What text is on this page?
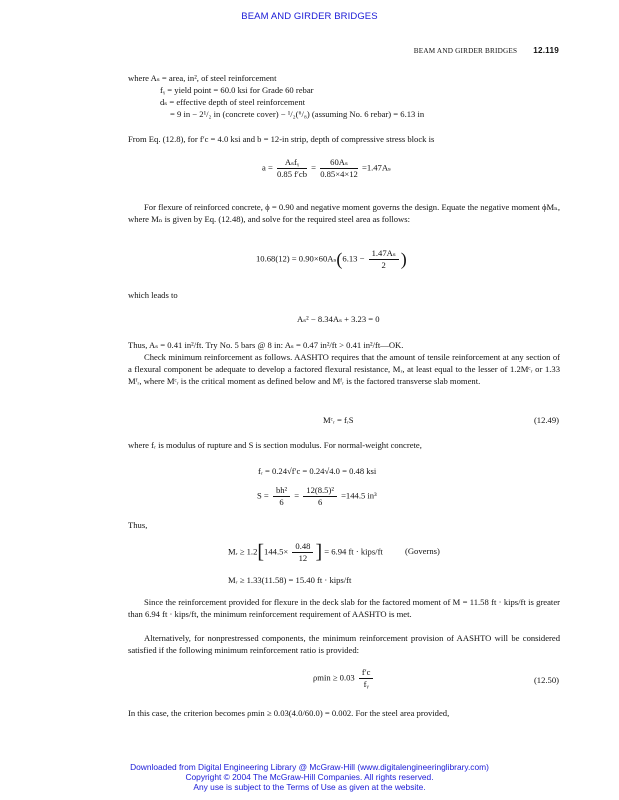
BEAM AND GIRDER BRIDGES
BEAM AND GIRDER BRIDGES 12.119
where Aₛ = area, in², of steel reinforcement
fᵧ = yield point = 60.0 ksi for Grade 60 rebar
dₛ = effective depth of steel reinforcement
= 9 in − 2¹/₂ in (concrete cover) − ¹/₂(⁶/₈) (assuming No. 6 rebar) = 6.13 in
From Eq. (12.8), for f′c = 4.0 ksi and b = 12-in strip, depth of compressive stress block is
$a = \frac{\text{Aₛfᵧ}}{0.85 f'cb} = \frac{\text{60Aₛ}}{0.85\times 4\times 12} =1.47A_s$
For flexure of reinforced concrete, ϕ = 0.90 and negative moment governs the design. Equate the negative moment ϕMₙ, where Mₙ is given by Eq. (12.48), and solve for the required steel area as follows:
$10.68(12) = 0.90\times 60A_s(6.13 - \frac{\text{1.47Aₛ}}{2}$ )
which leads to
Aₛ² − 8.34Aₛ + 3.23 = 0
Thus, Aₛ = 0.41 in²/ft. Try No. 5 bars @ 8 in: Aₛ = 0.47 in²/ft > 0.41 in²/ft—OK.
Check minimum reinforcement as follows. AASHTO requires that the amount of tensile reinforcement at any section of a flexural component be adequate to develop a factored flexural resistance, Mᵣ, at least equal to the lesser of 1.2Mᶜᵣ or 1.33 Mᶠᵣ, where Mᶜᵣ is the critical moment as defined below and Mᶠᵣ is the factored transverse slab moment.
Mᶜᵣ = fᵣS	(12.49)
where fᵣ is modulus of rupture and S is section modulus. For normal-weight concrete,
fᵣ = 0.24√f′c = 0.24√4.0 = 0.48 ksi
$S = \frac{\text{bh²}}{6} = \frac{\text{12(8.5)²}}{6} =144.5$ in³
Thus,
Mᵣ ≥ $1.2[144.5\times \frac{0.48}{12}$ ] = 6.94 ft · kips/ft	(Governs)
Mᵣ ≥ 1.33(11.58) = 15.40 ft · kips/ft
Since the reinforcement provided for flexure in the deck slab for the factored moment of M = 11.58 ft · kips/ft is greater than 6.94 ft · kips/ft, the minimum reinforcement requirement of AASHTO is met.
Alternatively, for nonprestressed components, the minimum reinforcement provision of AASHTO will be considered satisfied if the following minimum reinforcement ratio is provided:
$\rho\min \ge 0.03 \frac{f'c}{\text{fᵧ}}$	(12.50)
In this case, the criterion becomes ρmin ≥ 0.03(4.0/60.0) = 0.002. For the steel area provided,
Downloaded from Digital Engineering Library @ McGraw-Hill (www.digitalengineeringlibrary.com)
Copyright © 2004 The McGraw-Hill Companies. All rights reserved.
Any use is subject to the Terms of Use as given at the website.
